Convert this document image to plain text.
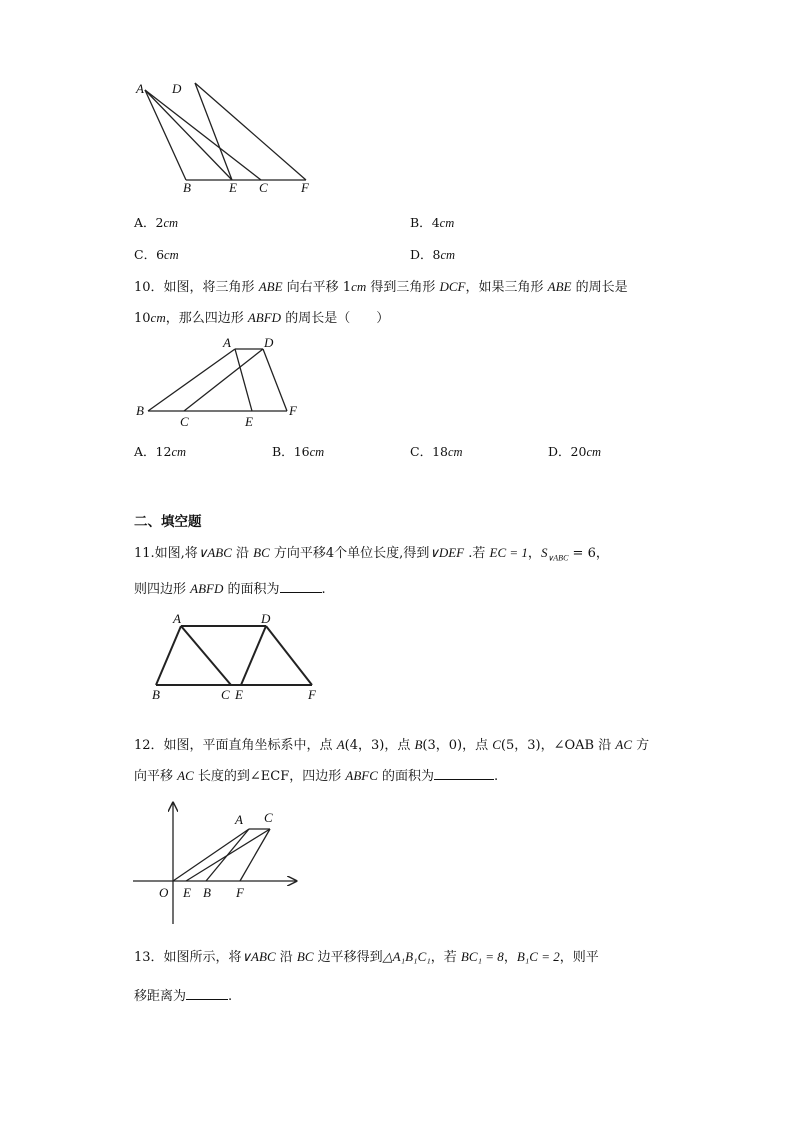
A D
B	E C	F
A．2cm	B．4cm
C．6cm	D．8cm
10．如图，将三角形 ABE 向右平移 1cm 得到三角形 DCF，如果三角形 ABE 的周长是
10cm，那么四边形 ABFD 的周长是（　　）
A	D
B
C	E
F
A．12cm	B．16cm	C．18cm	D．20cm
二、填空题
11.如图,将∨ABC 沿 BC 方向平移4个单位长度,得到∨DEF .若 EC = 1，$S_{\vee ABC} = 6$，
则四边形 ABFD 的面积为	.
A	D
B	C E	F
12．如图，平面直角坐标系中，点 A(4，3)，点 B(3，0)，点 C(5，3)，∠OAB 沿 AC 方
向平移 AC 长度的到∠ECF，四边形 ABFC 的面积为	.
O E B F
A C
13．如图所示，将∨ABC 沿 BC 边平移得到△A₁B₁C₁，若 BC₁ = 8，B₁C = 2，则平
移距离为	.
